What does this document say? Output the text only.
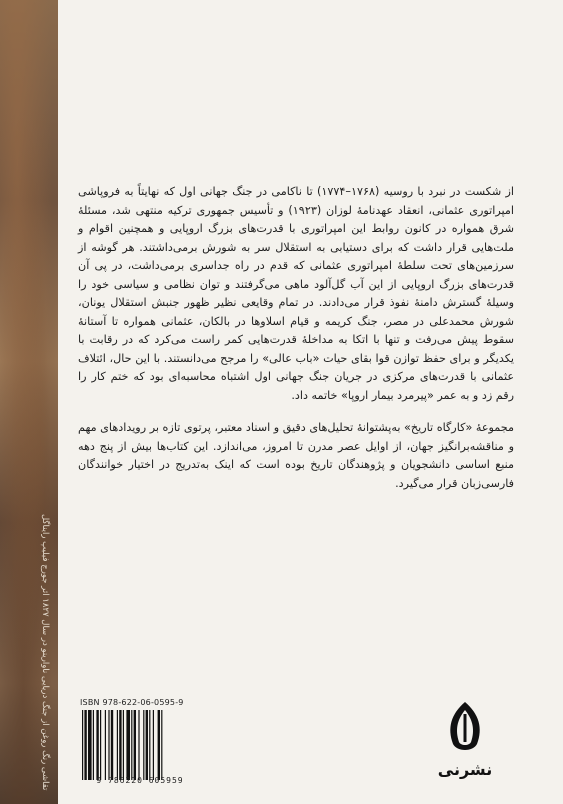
تقاشی رنگ روغن از جنگ دریایی ناوارینو در سال ۱۸۲۷ اثر جورج فیلیپ رایناگل

از شکست در نبرد با روسیه (۱۷۶۸–۱۷۷۴) تا ناکامی در جنگ جهانی اول که نهایتاً به فروپاشی امپراتوری عثمانی، انعقاد عهدنامهٔ لوزان (۱۹۲۳) و تأسیس جمهوری ترکیه منتهی شد، مسئلهٔ شرق همواره در کانون روابط این امپراتوری با قدرت‌های بزرگ اروپایی و همچنین اقوام و ملت‌هایی قرار داشت که برای دستیابی به استقلال سر به شورش برمی‌داشتند. هر گوشه از سرزمین‌های تحت سلطهٔ امپراتوری عثمانی که قدم در راه جداسری برمی‌داشت، در پی آن قدرت‌های بزرگ اروپایی از این آب گل‌آلود ماهی می‌گرفتند و توان نظامی و سیاسی خود را وسیلهٔ گسترش دامنهٔ نفوذ قرار می‌دادند. در تمام وقایعی نظیر ظهور جنبش استقلال یونان، شورش محمدعلی در مصر، جنگ کریمه و قیام اسلاوها در بالکان، عثمانی همواره تا آستانهٔ سقوط پیش می‌رفت و تنها با اتکا به مداخلهٔ قدرت‌هایی کمر راست می‌کرد که در رقابت با یکدیگر و برای حفظ توازن قوا بقای حیات «باب عالی» را مرجح می‌دانستند. با این حال، ائتلاف عثمانی با قدرت‌های مرکزی در جریان جنگ جهانی اول اشتباه محاسبه‌ای بود که ختم کار را رقم زد و به عمر «پیرمرد بیمار اروپا» خاتمه داد.

مجموعهٔ «کارگاه تاریخ» به‌پشتوانهٔ تحلیل‌های دقیق و اسناد معتبر، پرتوی تازه بر رویدادهای مهم و مناقشه‌برانگیز جهان، از اوایل عصر مدرن تا امروز، می‌اندازد. این کتاب‌ها بیش از پنج دهه منبع اساسی دانشجویان و پژوهندگان تاریخ بوده است که اینک به‌تدریج در اختیار خوانندگان فارسی‌زبان قرار می‌گیرد.

ISBN 978-622-06-0595-9
9 786220 605959
نشرنی
